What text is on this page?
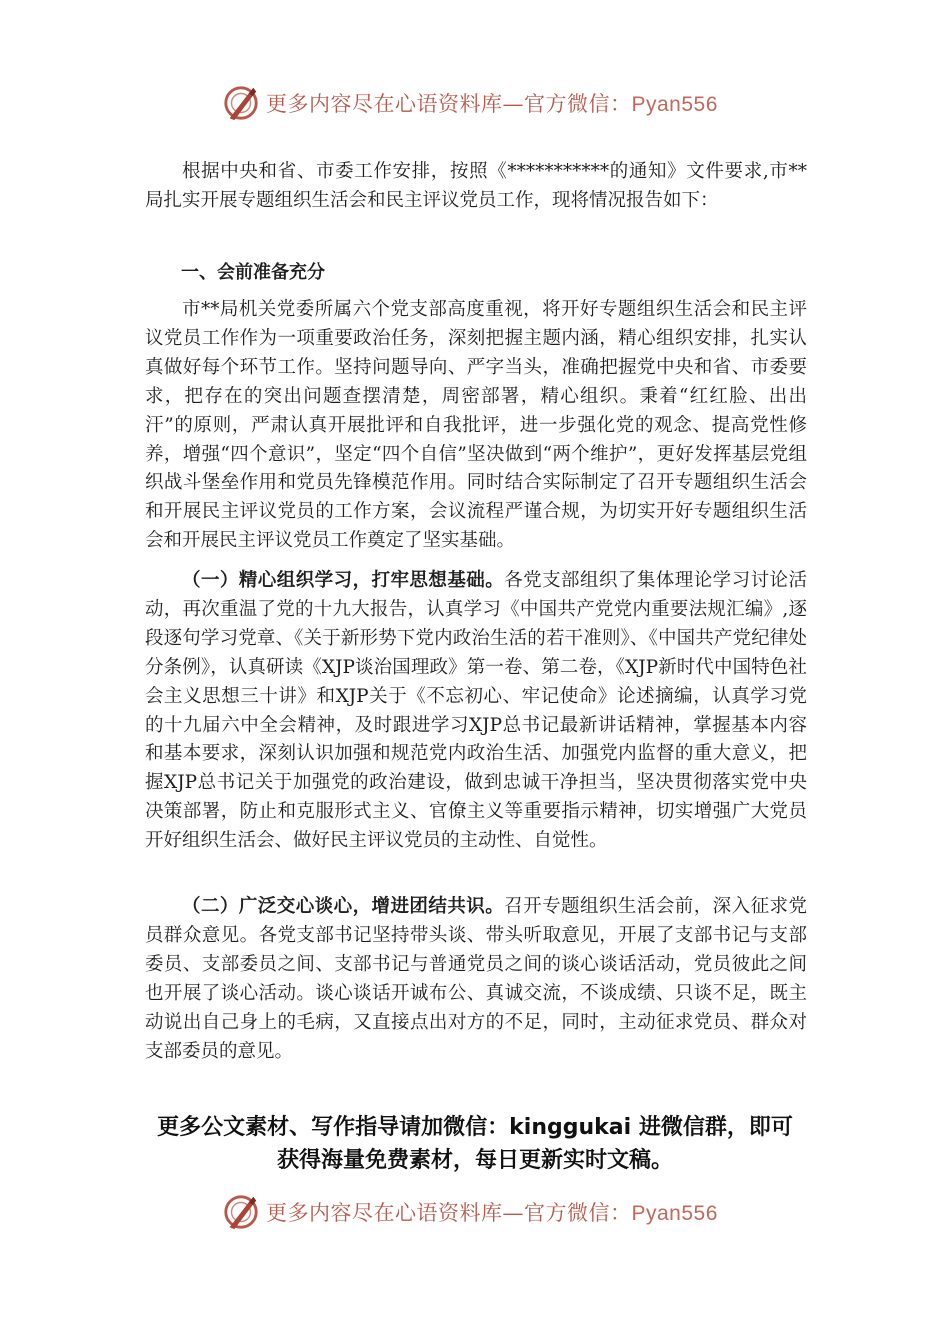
更多内容尽在心语资料库—官方微信：Pyan556

根据中央和省、市委工作安排，按照《***********的通知》文件要求,市**局扎实开展专题组织生活会和民主评议党员工作，现将情况报告如下：

一、会前准备充分

市**局机关党委所属六个党支部高度重视，将开好专题组织生活会和民主评议党员工作作为一项重要政治任务，深刻把握主题内涵，精心组织安排，扎实认真做好每个环节工作。坚持问题导向、严字当头，准确把握党中央和省、市委要求，把存在的突出问题查摆清楚，周密部署，精心组织。秉着“红红脸、出出汗”的原则，严肃认真开展批评和自我批评，进一步强化党的观念、提高党性修养，增强“四个意识”，坚定“四个自信”坚决做到“两个维护”，更好发挥基层党组织战斗堡垒作用和党员先锋模范作用。同时结合实际制定了召开专题组织生活会和开展民主评议党员的工作方案，会议流程严谨合规，为切实开好专题组织生活会和开展民主评议党员工作奠定了坚实基础。

（一）精心组织学习，打牢思想基础。各党支部组织了集体理论学习讨论活动，再次重温了党的十九大报告，认真学习《中国共产党党内重要法规汇编》,逐段逐句学习党章、《关于新形势下党内政治生活的若干准则》、《中国共产党纪律处分条例》，认真研读《XJP谈治国理政》第一卷、第二卷，《XJP新时代中国特色社会主义思想三十讲》和XJP关于《不忘初心、牢记使命》论述摘编，认真学习党的十九届六中全会精神，及时跟进学习XJP总书记最新讲话精神，掌握基本内容和基本要求，深刻认识加强和规范党内政治生活、加强党内监督的重大意义，把握XJP总书记关于加强党的政治建设，做到忠诚干净担当，坚决贯彻落实党中央决策部署，防止和克服形式主义、官僚主义等重要指示精神，切实增强广大党员开好组织生活会、做好民主评议党员的主动性、自觉性。

（二）广泛交心谈心，增进团结共识。召开专题组织生活会前，深入征求党员群众意见。各党支部书记坚持带头谈、带头听取意见，开展了支部书记与支部委员、支部委员之间、支部书记与普通党员之间的谈心谈话活动，党员彼此之间也开展了谈心活动。谈心谈话开诚布公、真诚交流，不谈成绩、只谈不足，既主动说出自己身上的毛病，又直接点出对方的不足，同时，主动征求党员、群众对支部委员的意见。

更多公文素材、写作指导请加微信：kinggukai 进微信群，即可
获得海量免费素材，每日更新实时文稿。
更多内容尽在心语资料库—官方微信：Pyan556
